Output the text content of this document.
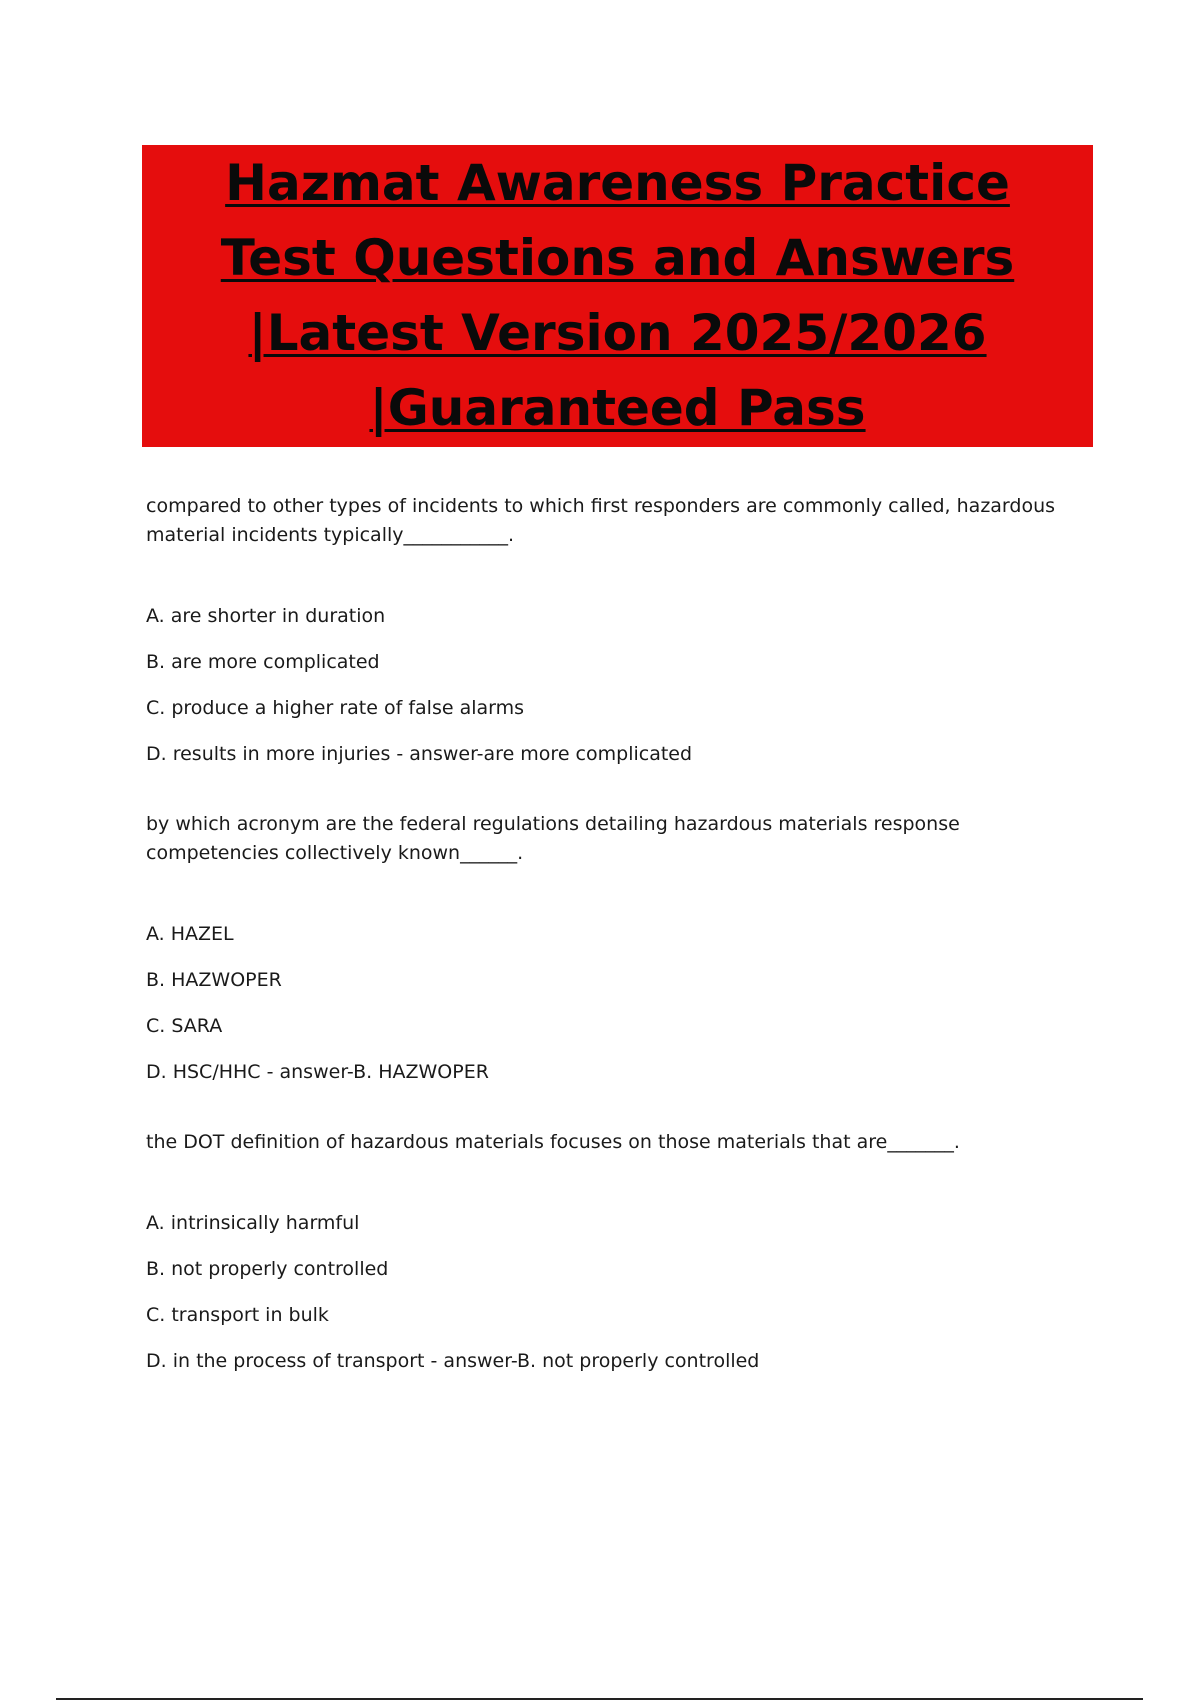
Hazmat Awareness Practice Test Questions and Answers |Latest Version 2025/2026 |Guaranteed Pass

compared to other types of incidents to which first responders are commonly called, hazardous material incidents typically___________.

A. are shorter in duration
B. are more complicated
C. produce a higher rate of false alarms
D. results in more injuries - answer-are more complicated

by which acronym are the federal regulations detailing hazardous materials response competencies collectively known______.

A. HAZEL
B. HAZWOPER
C. SARA
D. HSC/HHC - answer-B. HAZWOPER

the DOT definition of hazardous materials focuses on those materials that are_______.

A. intrinsically harmful
B. not properly controlled
C. transport in bulk
D. in the process of transport - answer-B. not properly controlled
